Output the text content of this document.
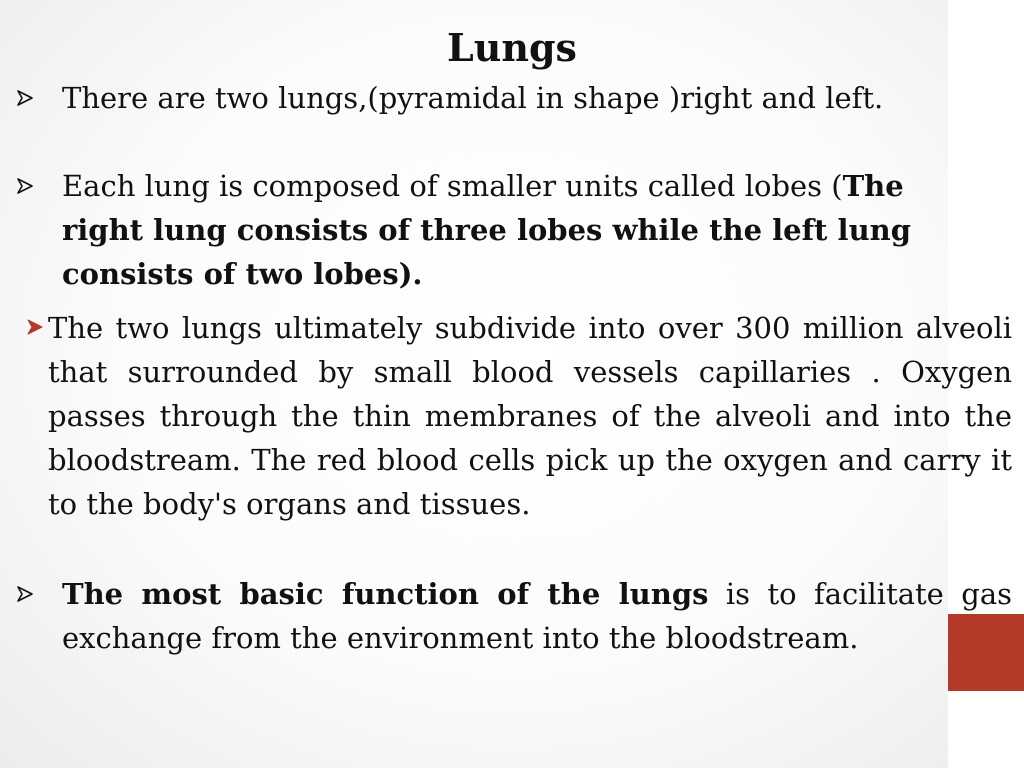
Lungs

There are two lungs,(pyramidal in shape )right and left.

Each lung is composed of smaller units called lobes (The right lung consists of three lobes while the left lung consists of two lobes).

The two lungs ultimately subdivide into over 300 million alveoli that surrounded by small blood vessels capillaries . Oxygen passes through the thin membranes of the alveoli and into the bloodstream. The red blood cells pick up the oxygen and carry it to the body's organs and tissues.

The most basic function of the lungs is to facilitate gas exchange from the environment into the bloodstream.
